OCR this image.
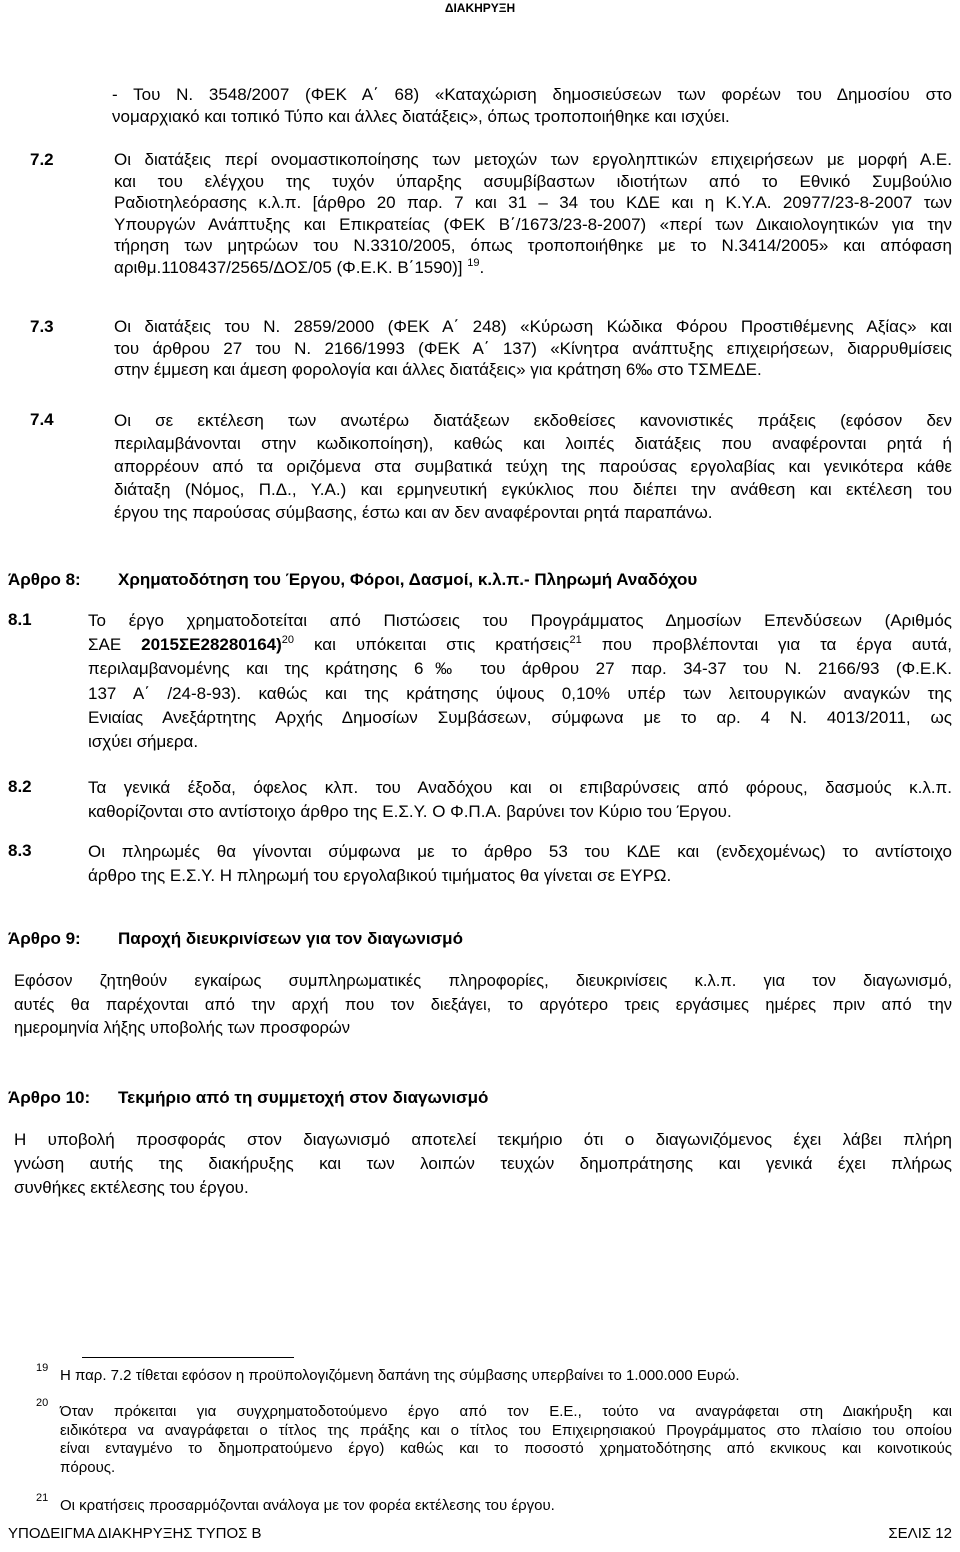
ΔΙΑΚΗΡΥΞΗ
- Του Ν. 3548/2007 (ΦΕΚ Α΄ 68) «Καταχώριση δημοσιεύσεων των φορέων του Δημοσίου στο
νομαρχιακό και τοπικό Τύπο και άλλες διατάξεις», όπως τροποποιήθηκε και ισχύει.
7.2	Οι διατάξεις περί ονομαστικοποίησης των μετοχών των εργοληπτικών επιχειρήσεων με μορφή Α.Ε.
και του ελέγχου της τυχόν ύπαρξης ασυμβίβαστων ιδιοτήτων από το Εθνικό Συμβούλιο
Ραδιοτηλεόρασης κ.λ.π. [άρθρο 20 παρ. 7 και 31 – 34 του ΚΔΕ και η Κ.Υ.Α. 20977/23-8-2007 των
Υπουργών Ανάπτυξης και Επικρατείας (ΦΕΚ Β΄/1673/23-8-2007) «περί των Δικαιολογητικών για την
τήρηση των μητρώων του Ν.3310/2005, όπως τροποποιήθηκε με το Ν.3414/2005» και απόφαση
αριθμ.1108437/2565/ΔΟΣ/05 (Φ.Ε.Κ. Β΄1590)] $^{19}$.
7.3	Οι διατάξεις του Ν. 2859/2000 (ΦΕΚ Α΄ 248) «Κύρωση Κώδικα Φόρου Προστιθέμενης Αξίας» και
του άρθρου 27 του Ν. 2166/1993 (ΦΕΚ Α΄ 137) «Κίνητρα ανάπτυξης επιχειρήσεων, διαρρυθμίσεις
στην έμμεση και άμεση φορολογία και άλλες διατάξεις» για κράτηση 6‰ στο ΤΣΜΕΔΕ.
7.4	Οι σε εκτέλεση των ανωτέρω διατάξεων εκδοθείσες κανονιστικές πράξεις (εφόσον δεν
περιλαμβάνονται στην κωδικοποίηση), καθώς και λοιπές διατάξεις που αναφέρονται ρητά ή
απορρέουν από τα οριζόμενα στα συμβατικά τεύχη της παρούσας εργολαβίας και γενικότερα κάθε
διάταξη (Νόμος, Π.Δ., Υ.Α.) και ερμηνευτική εγκύκλιος που διέπει την ανάθεση και εκτέλεση του
έργου της παρούσας σύμβασης, έστω και αν δεν αναφέρονται ρητά παραπάνω.
Άρθρο 8: Χρηματοδότηση του Έργου, Φόροι, Δασμοί, κ.λ.π.- Πληρωμή Αναδόχου
8.1	Το έργο χρηματοδοτείται από Πιστώσεις του Προγράμματος Δημοσίων Επενδύσεων (Αριθμός
ΣΑΕ 2015ΣΕ28280164)$^{20}$ και υπόκειται στις κρατήσεις$^{21}$ που προβλέπονται για τα έργα αυτά,
περιλαμβανομένης και της κράτησης 6‰ του άρθρου 27 παρ. 34-37 του Ν. 2166/93 (Φ.Ε.Κ.
137 Α΄ /24-8-93). καθώς και της κράτησης ύψους 0,10% υπέρ των λειτουργικών αναγκών της
Ενιαίας Ανεξάρτητης Αρχής Δημοσίων Συμβάσεων, σύμφωνα με το αρ. 4 Ν. 4013/2011, ως
ισχύει σήμερα.
8.2	Τα γενικά έξοδα, όφελος κλπ. του Αναδόχου και οι επιβαρύνσεις από φόρους, δασμούς κ.λ.π.
καθορίζονται στο αντίστοιχο άρθρο της Ε.Σ.Υ. Ο Φ.Π.Α. βαρύνει τον Κύριο του Έργου.
8.3	Οι πληρωμές θα γίνονται σύμφωνα με το άρθρο 53 του ΚΔΕ και (ενδεχομένως) το αντίστοιχο
άρθρο της Ε.Σ.Υ. Η πληρωμή του εργολαβικού τιμήματος θα γίνεται σε ΕΥΡΩ.
Άρθρο 9: Παροχή διευκρινίσεων για τον διαγωνισμό
Εφόσον ζητηθούν εγκαίρως συμπληρωματικές πληροφορίες, διευκρινίσεις κ.λ.π. για τον διαγωνισμό,
αυτές θα παρέχονται από την αρχή που τον διεξάγει, το αργότερο τρεις εργάσιμες ημέρες πριν από την
ημερομηνία λήξης υποβολής των προσφορών
Άρθρο 10: Τεκμήριο από τη συμμετοχή στον διαγωνισμό
Η υποβολή προσφοράς στον διαγωνισμό αποτελεί τεκμήριο ότι ο διαγωνιζόμενος έχει λάβει πλήρη
γνώση αυτής της διακήρυξης και των λοιπών τευχών δημοπράτησης και γενικά έχει πλήρως
συνθήκες εκτέλεσης του έργου.
19 Η παρ. 7.2 τίθεται εφόσον η προϋπολογιζόμενη δαπάνη της σύμβασης υπερβαίνει το 1.000.000 Ευρώ.
20 Όταν πρόκειται για συγχρηματοδοτούμενο έργο από τον Ε.Ε., τούτο να αναγράφεται στη Διακήρυξη και
ειδικότερα να αναγράφεται ο τίτλος της πράξης και ο τίτλος του Επιχειρησιακού Προγράμματος στο πλαίσιο του οποίου
είναι ενταγμένο το δημοπρατούμενο έργο) καθώς και το ποσοστό χρηματοδότησης από εκνικους και κοινοτικούς
πόρους.
21 Οι κρατήσεις προσαρμόζονται ανάλογα με τον φορέα εκτέλεσης του έργου.
ΥΠΟΔΕΙΓΜΑ ΔΙΑΚΗΡΥΞΗΣ ΤΥΠΟΣ Β	ΣΕΛΙΣ 12
